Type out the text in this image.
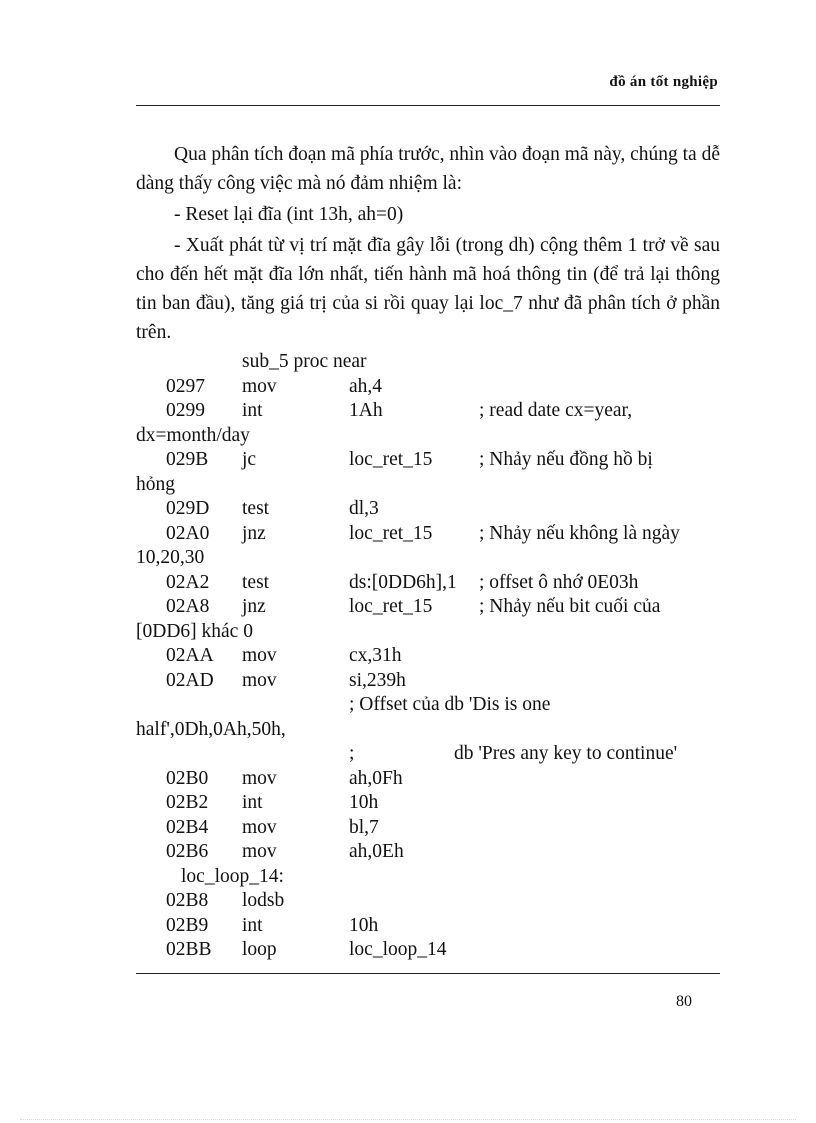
đồ án tốt nghiệp

Qua phân tích đoạn mã phía trước, nhìn vào đoạn mã này, chúng ta dễ dàng thấy công việc mà nó đảm nhiệm là:

- Reset lại đĩa (int 13h, ah=0)

- Xuất phát từ vị trí mặt đĩa gây lỗi (trong dh) cộng thêm 1 trở về sau cho đến hết mặt đĩa lớn nhất, tiến hành mã hoá thông tin (để trả lại thông tin ban đầu), tăng giá trị của si rồi quay lại loc_7 như đã phân tích ở phần trên.

sub_5 proc near
0297 mov	ah,4
0299 int	1Ah	; read date cx=year,
dx=month/day
029B jc	loc_ret_15 ; Nhảy nếu đồng hồ bị
hỏng
029D test	dl,3
02A0 jnz	loc_ret_15 ; Nhảy nếu không là ngày
10,20,30
02A2 test	ds:[0DD6h],1 ; offset ô nhớ 0E03h
02A8 jnz	loc_ret_15 ; Nhảy nếu bit cuối của
[0DD6] khác 0
02AA mov	cx,31h
02AD mov	si,239h
; Offset của db 'Dis is one
half',0Dh,0Ah,50h,
;	db 'Pres any key to continue'
02B0 mov	ah,0Fh
02B2 int	10h
02B4 mov	bl,7
02B6 mov	ah,0Eh
loc_loop_14:
02B8 lodsb
02B9 int	10h
02BB loop	loc_loop_14
80
